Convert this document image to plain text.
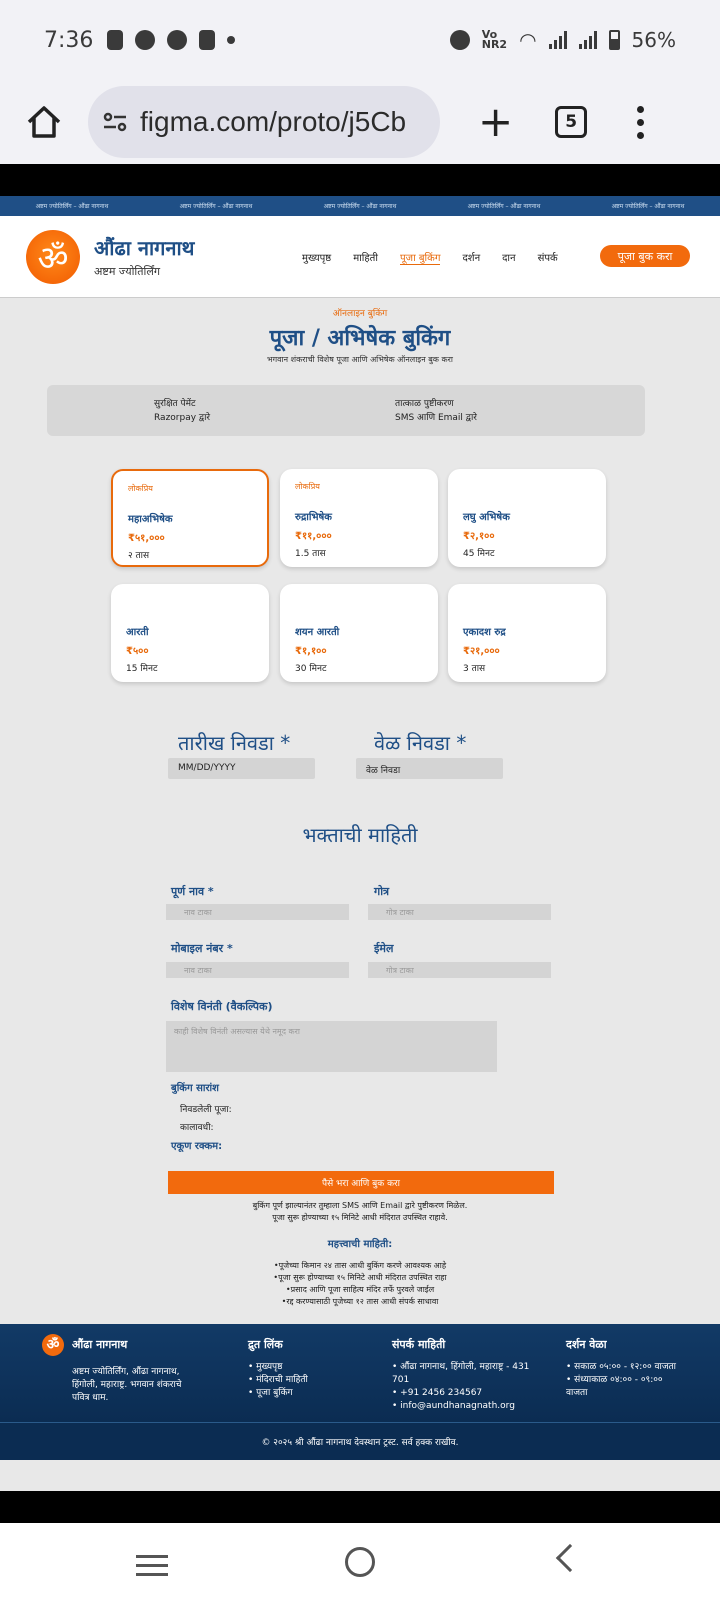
7:36	Vo
NR2 ◠	56%
figma.com/proto/j5Cb +	5
अष्टम ज्योतिर्लिंग – औंढा नागनाथ	अष्टम ज्योतिर्लिंग – औंढा नागनाथ	अष्टम ज्योतिर्लिंग – औंढा नागनाथ	अष्टम ज्योतिर्लिंग – औंढा नागनाथ	अष्टम ज्योतिर्लिंग – औंढा नागनाथ
ॐ	औंढा नागनाथ
अष्टम ज्योतिर्लिंग
मुख्यपृष्ठ माहिती पूजा बुकिंग दर्शन दान संपर्क	पूजा बुक करा
ऑनलाइन बुकिंग
पूजा / अभिषेक बुकिंग
भगवान शंकराची विशेष पूजा आणि अभिषेक ऑनलाइन बुक करा
सुरक्षित पेमेंट
Razorpay द्वारे
तात्काळ पुष्टीकरण
SMS आणि Email द्वारे
लोकप्रिय
महाअभिषेक
₹५१,०००
२ तास
लोकप्रिय
रुद्राभिषेक
₹११,०००
1.5 तास
लघु अभिषेक
₹२,१००
45 मिनट
आरती
₹५००
15 मिनट
शयन आरती
₹१,१००
30 मिनट
एकादश रुद्र
₹२१,०००
3 तास
तारीख निवडा *
MM/DD/YYYY
वेळ निवडा *
वेळ निवडा
भक्ताची माहिती
पूर्ण नाव *
नाव टाका
गोत्र
गोत्र टाका
मोबाइल नंबर *
नाव टाका
ईमेल
गोत्र टाका
विशेष विनंती (वैकल्पिक)
काही विशेष विनंती असल्यास येथे नमूद करा
बुकिंग सारांश
निवडलेली पूजा:
कालावधी:
एकूण रक्कम:
पैसे भरा आणि बुक करा
बुकिंग पूर्ण झाल्यानंतर तुम्हाला SMS आणि Email द्वारे पुष्टीकरण मिळेल.
पूजा सुरू होण्याच्या १५ मिनिटे आधी मंदिरात उपस्थित राहावे.
महत्त्वाची माहिती:
•पूजेच्या किमान २४ तास आधी बुकिंग करणे आवश्यक आहे
•पूजा सुरू होण्याच्या १५ मिनिटे आधी मंदिरात उपस्थित राहा
•प्रसाद आणि पूजा साहित्य मंदिर तर्फे पुरवले जाईल
•रद्द करण्यासाठी पूजेच्या १२ तास आधी संपर्क साधावा
ॐ औंढा नागनाथ
अष्टम ज्योतिर्लिंग, औंढा नागनाथ,
हिंगोली, महाराष्ट्र. भगवान शंकराचे
पवित्र धाम.
द्रुत लिंक
• मुख्यपृष्ठ
• मंदिराची माहिती
• पूजा बुकिंग
संपर्क माहिती
• औंढा नागनाथ, हिंगोली, महाराष्ट्र - 431 701
• +91 2456 234567
• info@aundhanagnath.org
दर्शन वेळा
• सकाळ ०५:०० - १२:०० वाजता
• संध्याकाळ ०४:०० - ०९:०० वाजता
© २०२५ श्री औंढा नागनाथ देवस्थान ट्रस्ट. सर्व हक्क राखीव.
